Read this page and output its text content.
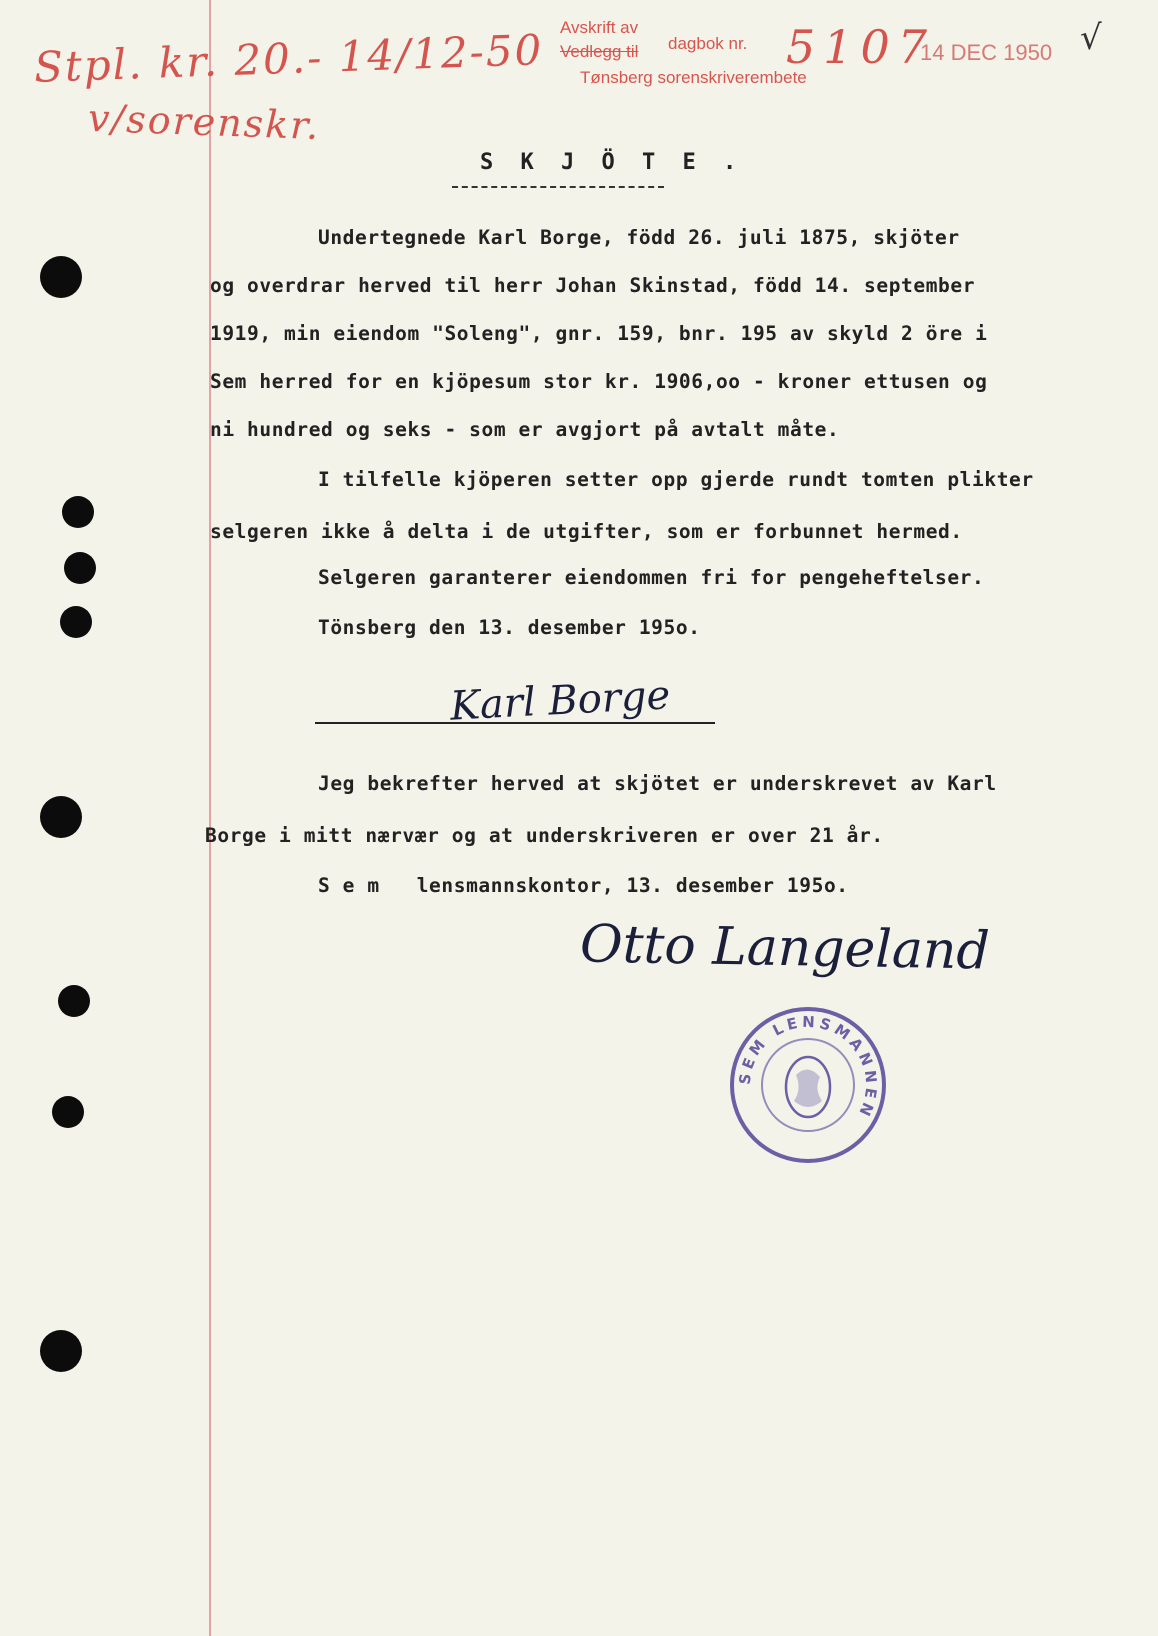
Stpl. kr. 20.- 14/12-50
v/sorenskr.
Avskrift av
Vedlegg til dagbok nr.
Tønsberg sorenskriverembete
5107
14 DEC 1950 √
S K J Ö T E .
Undertegnede Karl Borge, född 26. juli 1875, skjöter
og overdrar herved til herr Johan Skinstad, född 14. september
1919, min eiendom "Soleng", gnr. 159, bnr. 195 av skyld 2 öre i
Sem herred for en kjöpesum stor kr. 1906,oo - kroner ettusen og
ni hundred og seks - som er avgjort på avtalt måte.
I tilfelle kjöperen setter opp gjerde rundt tomten plikter
selgeren ikke å delta i de utgifter, som er forbunnet hermed.
Selgeren garanterer eiendommen fri for pengeheftelser.
Tönsberg den 13. desember 195o.
Karl Borge
Jeg bekrefter herved at skjötet er underskrevet av Karl
Borge i mitt nærvær og at underskriveren er over 21 år.
S e m   lensmannskontor, 13. desember 195o.
Otto Langeland
SEM LENSMANNEN
